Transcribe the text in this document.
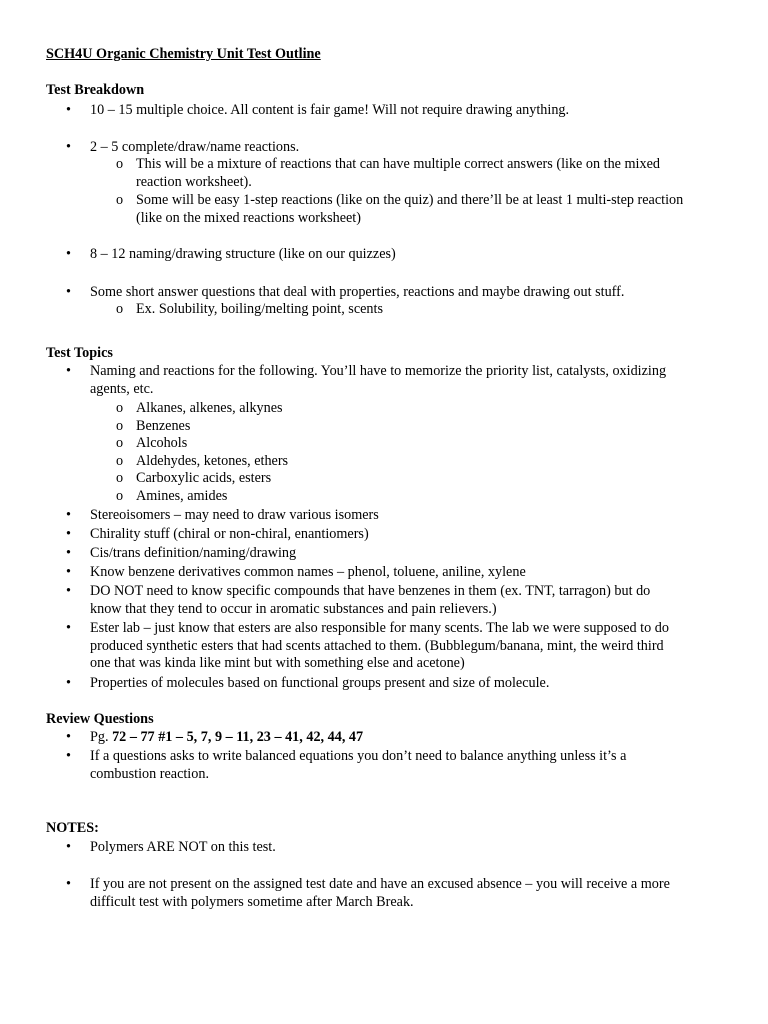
SCH4U Organic Chemistry Unit Test Outline
Test Breakdown
• 10 – 15 multiple choice. All content is fair game! Will not require drawing anything.
• 2 – 5 complete/draw/name reactions.
o This will be a mixture of reactions that can have multiple correct answers (like on the mixed
reaction worksheet).
o Some will be easy 1-step reactions (like on the quiz) and there’ll be at least 1 multi-step reaction
(like on the mixed reactions worksheet)
• 8 – 12 naming/drawing structure (like on our quizzes)
• Some short answer questions that deal with properties, reactions and maybe drawing out stuff.
o Ex. Solubility, boiling/melting point, scents
Test Topics
• Naming and reactions for the following. You’ll have to memorize the priority list, catalysts, oxidizing
agents, etc.
o Alkanes, alkenes, alkynes
o Benzenes
o Alcohols
o Aldehydes, ketones, ethers
o Carboxylic acids, esters
o Amines, amides
• Stereoisomers – may need to draw various isomers
• Chirality stuff (chiral or non-chiral, enantiomers)
• Cis/trans definition/naming/drawing
• Know benzene derivatives common names – phenol, toluene, aniline, xylene
• DO NOT need to know specific compounds that have benzenes in them (ex. TNT, tarragon) but do
know that they tend to occur in aromatic substances and pain relievers.)
• Ester lab – just know that esters are also responsible for many scents. The lab we were supposed to do
produced synthetic esters that had scents attached to them. (Bubblegum/banana, mint, the weird third
one that was kinda like mint but with something else and acetone)
• Properties of molecules based on functional groups present and size of molecule.
Review Questions
• Pg. 72 – 77 #1 – 5, 7, 9 – 11, 23 – 41, 42, 44, 47
• If a questions asks to write balanced equations you don’t need to balance anything unless it’s a
combustion reaction.
NOTES:
• Polymers ARE NOT on this test.
• If you are not present on the assigned test date and have an excused absence – you will receive a more
difficult test with polymers sometime after March Break.
